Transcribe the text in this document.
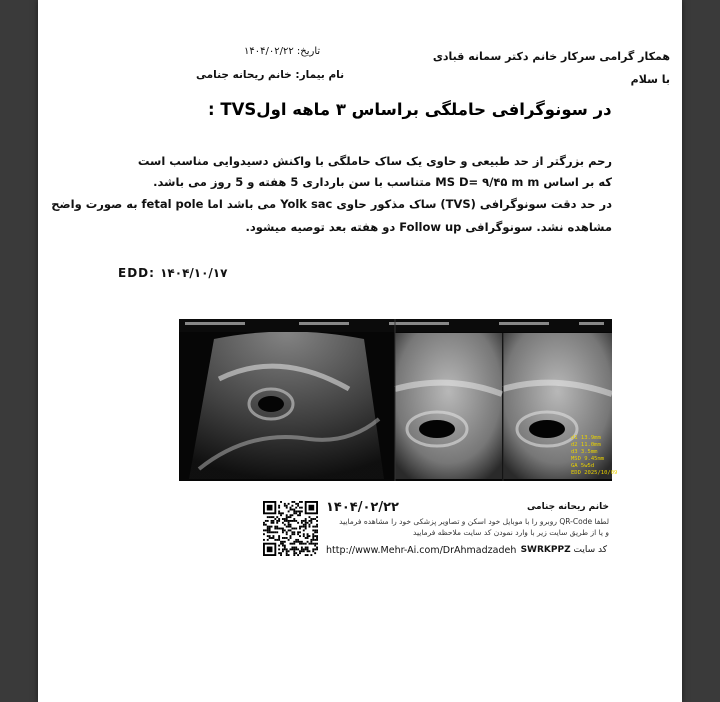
همکار گرامی سرکار خانم دکتر سمانه قبادی
با سلام
تاریخ: ۱۴۰۴/۰۲/۲۲
نام بیمار: خانم ریحانه جنامی
در سونوگرافی حاملگی براساس ۳ ماهه اولTVS :
رحم بزرگتر از حد طبیعی و حاوی یک ساک حاملگی با واکنش دسیدوایی مناسب است
که بر اساس MS D= ۹/۴۵ m m متناسب با سن بارداری 5 هفته و 5 روز می باشد.
در حد دقت سونوگرافی (TVS) ساک مذکور حاوی Yolk sac می باشد اما fetal pole به صورت واضح
مشاهده نشد. سونوگرافی Follow up دو هفته بعد توصیه میشود.
EDD: ۱۴۰۴/۱۰/۱۷
d1 13.9mm
d2 11.0mm
d3 3.5mm
MSD 9.45mm
GA 5w5d
EDD 2025/10/09
۱۴۰۴/۰۲/۲۲	خانم ریحانه جنامی
لطفا QR-Code روبرو را با موبایل خود اسکن و تصاویر پزشکی خود را مشاهده فرمایید
و یا از طریق سایت زیر با وارد نمودن کد سایت ملاحظه فرمایید
http://www.Mehr-Ai.com/DrAhmadzadeh SWRKPPZ کد سایت
